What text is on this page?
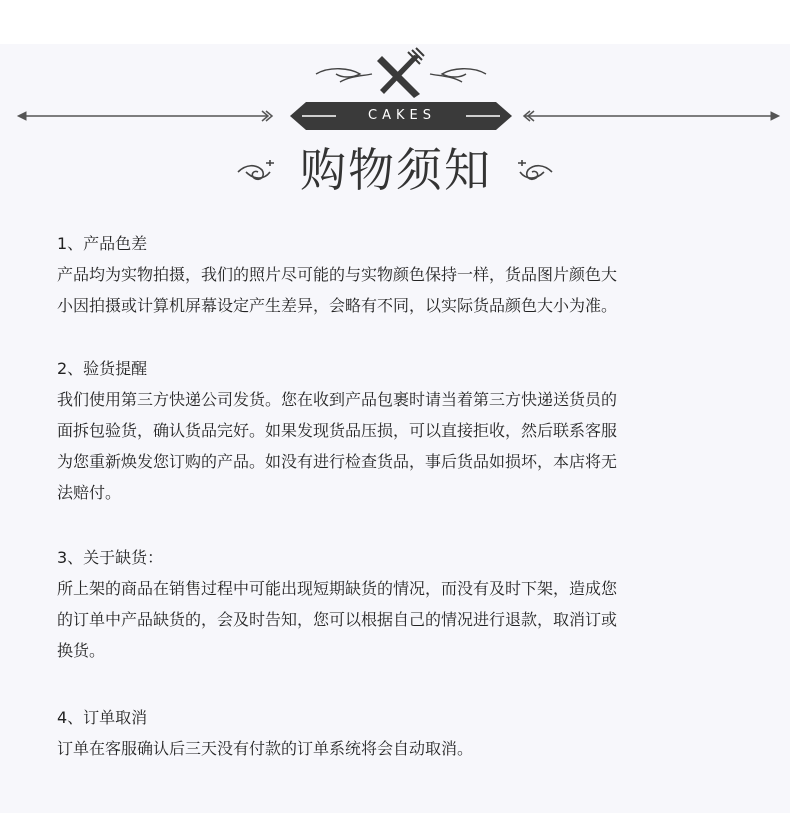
CAKES
购物须知
1、产品色差
产品均为实物拍摄，我们的照片尽可能的与实物颜色保持一样，货品图片颜色大
小因拍摄或计算机屏幕设定产生差异，会略有不同，以实际货品颜色大小为准。
2、验货提醒
我们使用第三方快递公司发货。您在收到产品包裹时请当着第三方快递送货员的
面拆包验货，确认货品完好。如果发现货品压损，可以直接拒收，然后联系客服
为您重新焕发您订购的产品。如没有进行检查货品，事后货品如损坏，本店将无
法赔付。
3、关于缺货：
所上架的商品在销售过程中可能出现短期缺货的情况，而没有及时下架，造成您
的订单中产品缺货的，会及时告知，您可以根据自己的情况进行退款，取消订或
换货。
4、订单取消
订单在客服确认后三天没有付款的订单系统将会自动取消。
